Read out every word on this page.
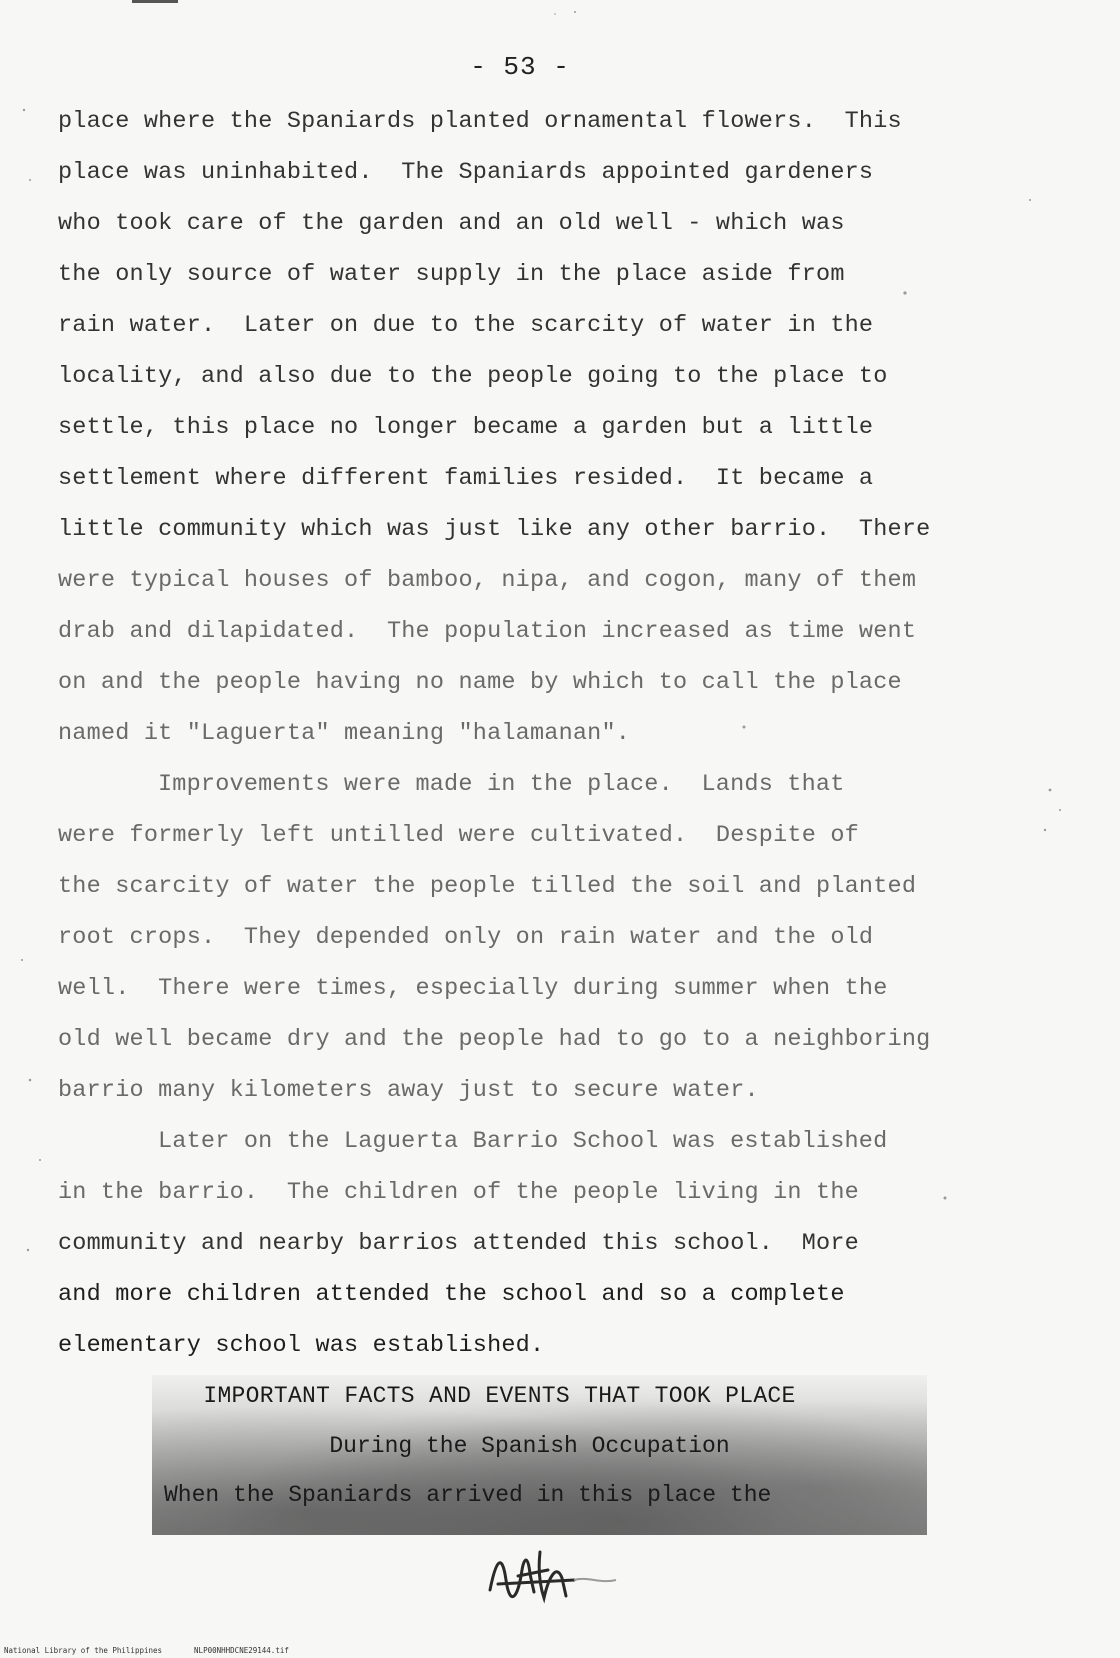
- 53 -
place where the Spaniards planted ornamental flowers.  This
place was uninhabited.  The Spaniards appointed gardeners
who took care of the garden and an old well - which was
the only source of water supply in the place aside from
rain water.  Later on due to the scarcity of water in the
locality, and also due to the people going to the place to
settle, this place no longer became a garden but a little
settlement where different families resided.  It became a
little community which was just like any other barrio.  There
were typical houses of bamboo, nipa, and cogon, many of them
drab and dilapidated.  The population increased as time went
on and the people having no name by which to call the place
named it "Laguerta" meaning "halamanan".
Improvements were made in the place.  Lands that
were formerly left untilled were cultivated.  Despite of
the scarcity of water the people tilled the soil and planted
root crops.  They depended only on rain water and the old
well.  There were times, especially during summer when the
old well became dry and the people had to go to a neighboring
barrio many kilometers away just to secure water.
Later on the Laguerta Barrio School was established
in the barrio.  The children of the people living in the
community and nearby barrios attended this school.  More
and more children attended the school and so a complete
elementary school was established.
IMPORTANT FACTS AND EVENTS THAT TOOK PLACE
During the Spanish Occupation
When the Spaniards arrived in this place the
National Library of the Philippines	NLP00NHHDCNE29144.tif
